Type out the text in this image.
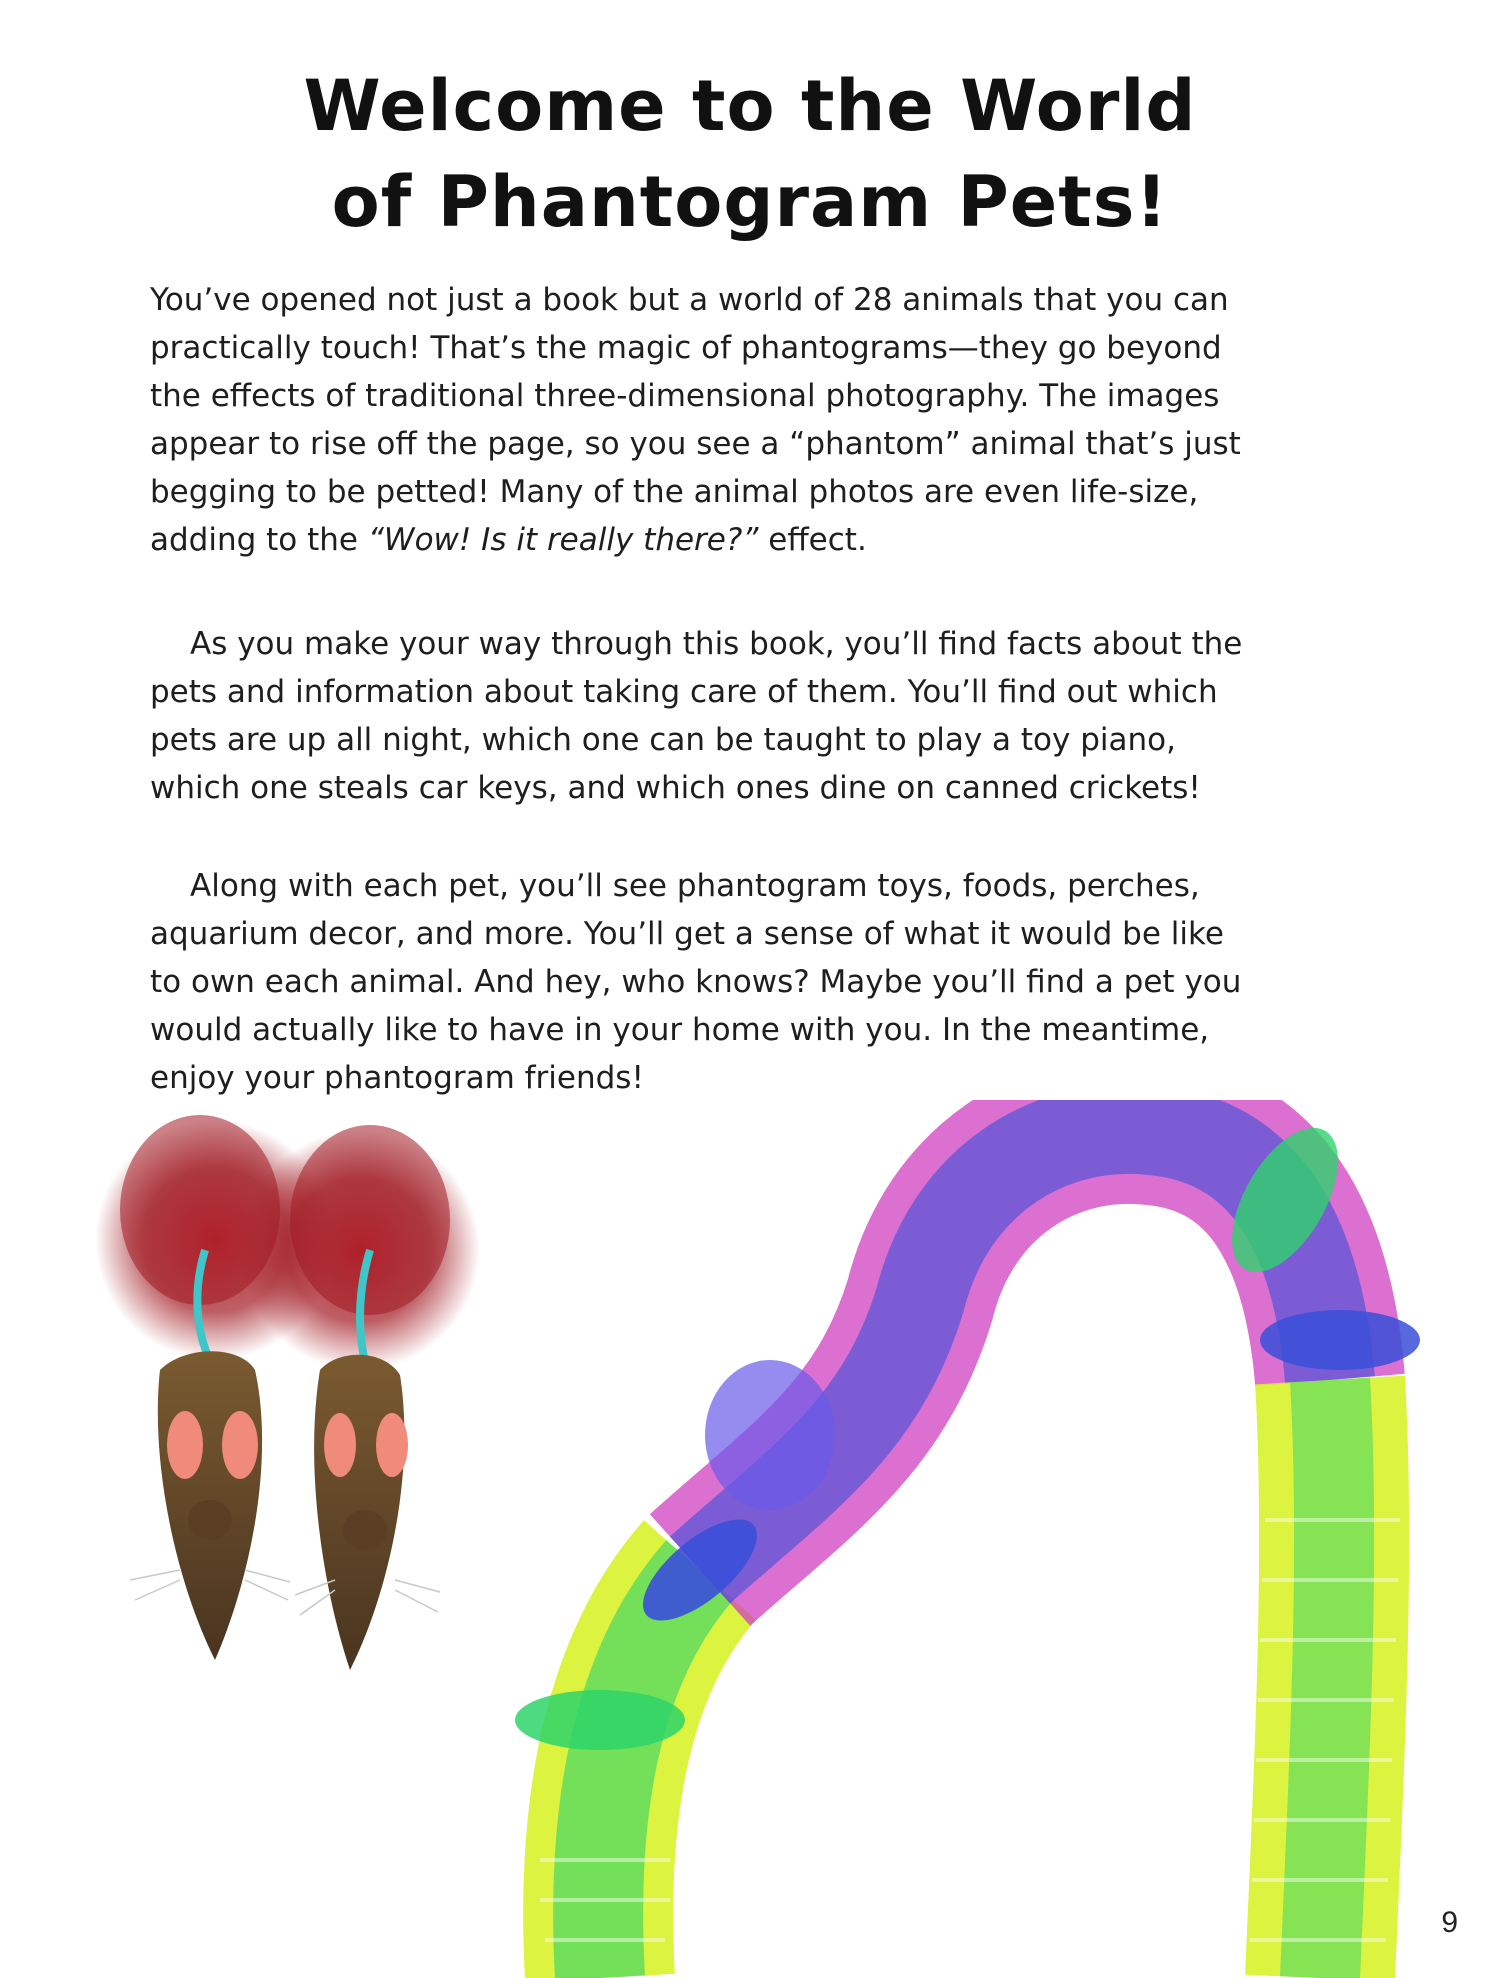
Welcome to the World
of Phantogram Pets!
You’ve opened not just a book but a world of 28 animals that you can
practically touch! That’s the magic of phantograms—they go beyond
the effects of traditional three-dimensional photography. The images
appear to rise off the page, so you see a “phantom” animal that’s just
begging to be petted! Many of the animal photos are even life-size,
adding to the “Wow! Is it really there?” effect.
As you make your way through this book, you’ll find facts about the
pets and information about taking care of them. You’ll find out which
pets are up all night, which one can be taught to play a toy piano,
which one steals car keys, and which ones dine on canned crickets!
Along with each pet, you’ll see phantogram toys, foods, perches,
aquarium decor, and more. You’ll get a sense of what it would be like
to own each animal. And hey, who knows? Maybe you’ll find a pet you
would actually like to have in your home with you. In the meantime,
enjoy your phantogram friends!
9
